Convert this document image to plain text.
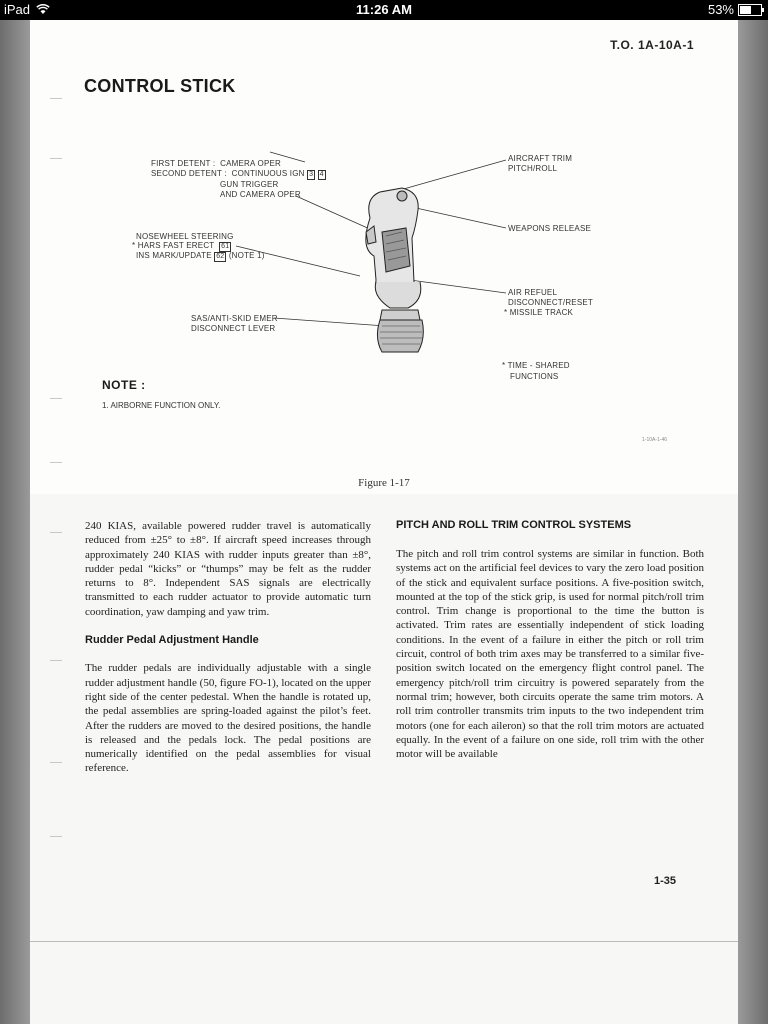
iPad	11:26 AM	53%
T.O. 1A-10A-1
CONTROL STICK
FIRST DETENT :  CAMERA OPER
SECOND DETENT :  CONTINUOUS IGN 3 4
GUN TRIGGER
AND CAMERA OPER
NOSEWHEEL STEERING
* HARS FAST ERECT 61
INS MARK/UPDATE 62 (NOTE 1)
SAS/ANTI-SKID EMER
DISCONNECT LEVER
AIRCRAFT TRIM
PITCH/ROLL
WEAPONS RELEASE
AIR REFUEL
DISCONNECT/RESET
* MISSILE TRACK
* TIME - SHARED
FUNCTIONS
NOTE :
1. AIRBORNE FUNCTION ONLY.
1-10A-1-46
Figure 1-17

240 KIAS, available powered rudder travel is automatically reduced from ±25° to ±8°. If aircraft speed increases through approximately 240 KIAS with rudder inputs greater than ±8°, rudder pedal “kicks” or “thumps” may be felt as the rudder returns to 8°. Independent SAS signals are electrically transmitted to each rudder actuator to provide automatic turn coordination, yaw damping and yaw trim.

Rudder Pedal Adjustment Handle

The rudder pedals are individually adjustable with a single rudder adjustment handle (50, figure FO-1), located on the upper right side of the center pedestal. When the handle is rotated up, the pedal assemblies are spring-loaded against the pilot’s feet. After the rudders are moved to the desired positions, the handle is released and the pedals lock. The pedal positions are numerically identified on the pedal assemblies for visual reference.

PITCH AND ROLL TRIM CONTROL SYSTEMS

The pitch and roll trim control systems are similar in function. Both systems act on the artificial feel devices to vary the zero load position of the stick and equivalent surface positions. A five-position switch, mounted at the top of the stick grip, is used for normal pitch/roll trim control. Trim change is proportional to the time the button is activated. Trim rates are essentially independent of stick loading conditions. In the event of a failure in either the pitch or roll trim circuit, control of both trim axes may be transferred to a similar five-position switch located on the emergency flight control panel. The emergency pitch/roll trim circuitry is powered separately from the normal trim; however, both circuits operate the same trim motors. A roll trim controller transmits trim inputs to the two independent trim motors (one for each aileron) so that the roll trim motors are actuated equally. In the event of a failure on one side, roll trim with the other motor will be available

1-35
